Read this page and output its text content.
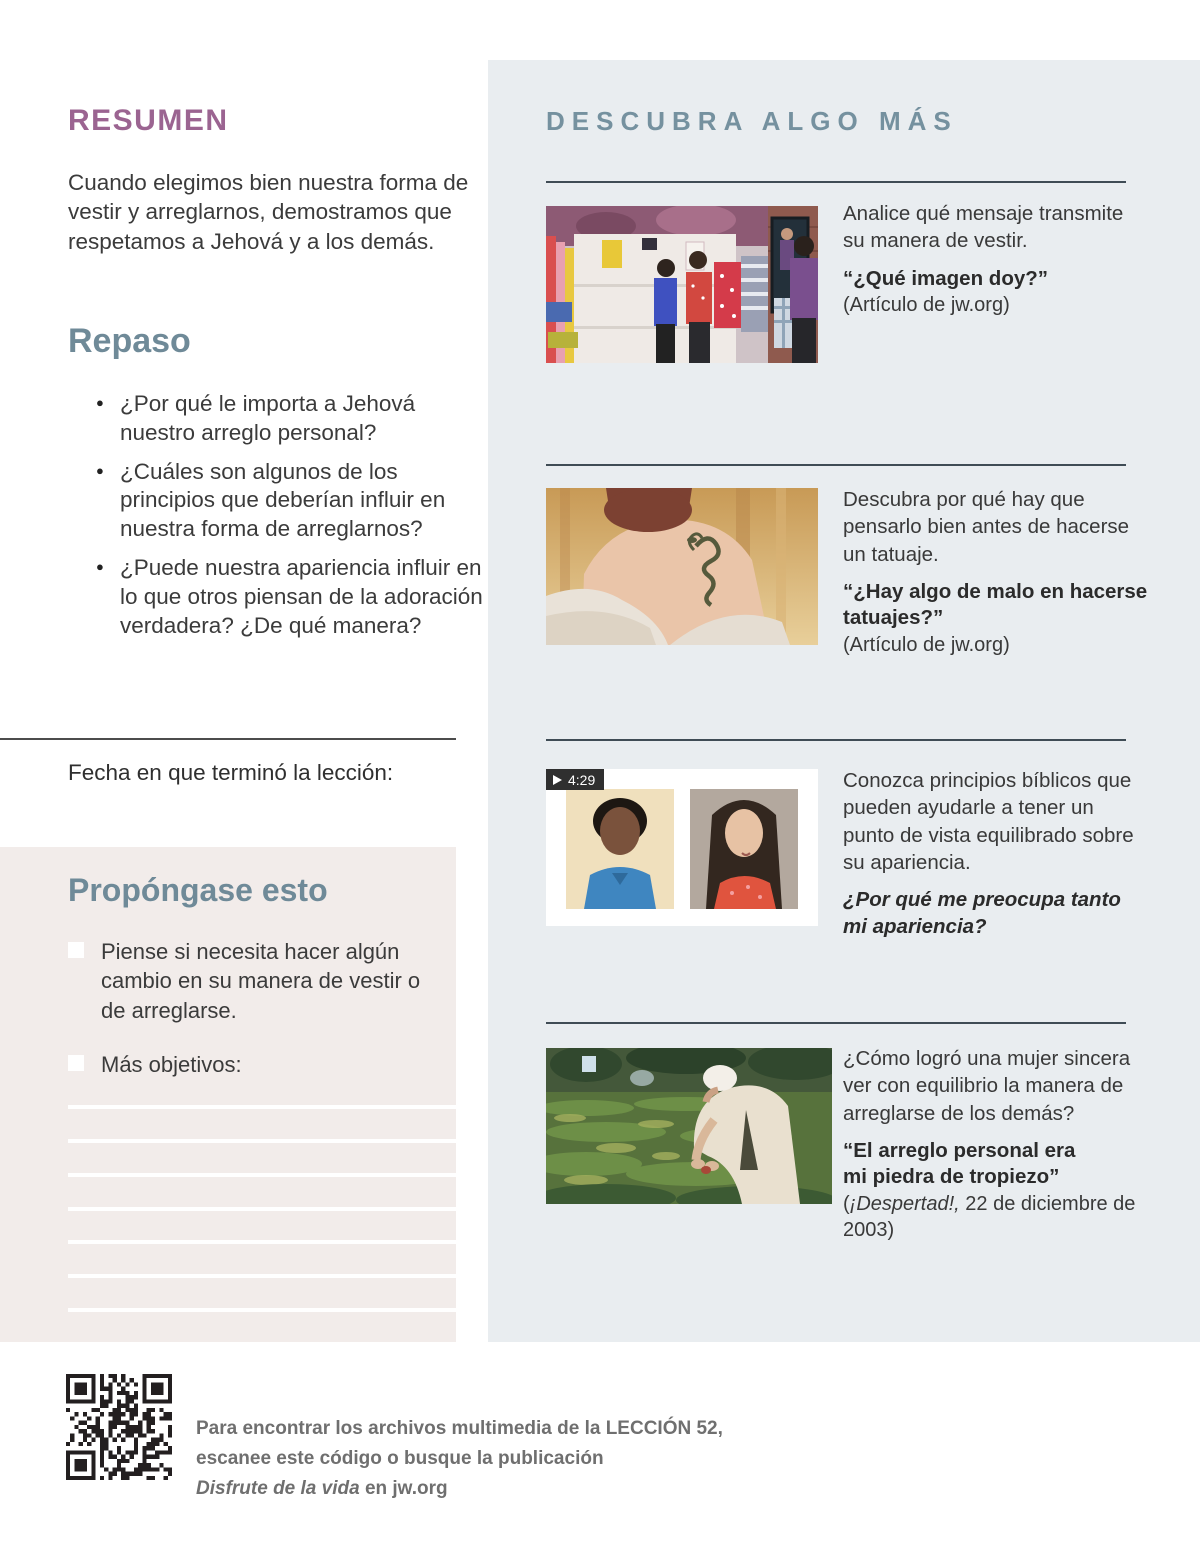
RESUMEN

Cuando elegimos bien nuestra forma de vestir y arreglarnos, demostramos que respetamos a Jehová y a los demás.

Repaso
● ¿Por qué le importa a Jehová nuestro arreglo personal?
● ¿Cuáles son algunos de los principios que deberían influir en nuestra forma de arreglarnos?
● ¿Puede nuestra apariencia influir en lo que otros piensan de la adoración verdadera? ¿De qué manera?

Fecha en que terminó la lección:

Propóngase esto
Piense si necesita hacer algún cambio en su manera de vestir o de arreglarse.
Más objetivos:
DESCUBRA ALGO MÁS

Analice qué mensaje transmite su manera de vestir.

“¿Qué imagen doy?”

(Artículo de jw.org)

Descubra por qué hay que pensarlo bien antes de hacerse un tatuaje.

“¿Hay algo de malo en hacerse tatuajes?”

(Artículo de jw.org)

4:29	Conozca principios bíblicos que pueden ayudarle a tener un punto de vista equilibrado sobre su apariencia.

¿Por qué me preocupa tanto mi apariencia?

¿Cómo logró una mujer sincera ver con equilibrio la manera de arreglarse de los demás?

“El arreglo personal era mi piedra de tropiezo”

(¡Despertad!, 22 de diciembre de 2003)

Para encontrar los archivos multimedia de la LECCIÓN 52,
escanee este código o busque la publicación
Disfrute de la vida en jw.org
